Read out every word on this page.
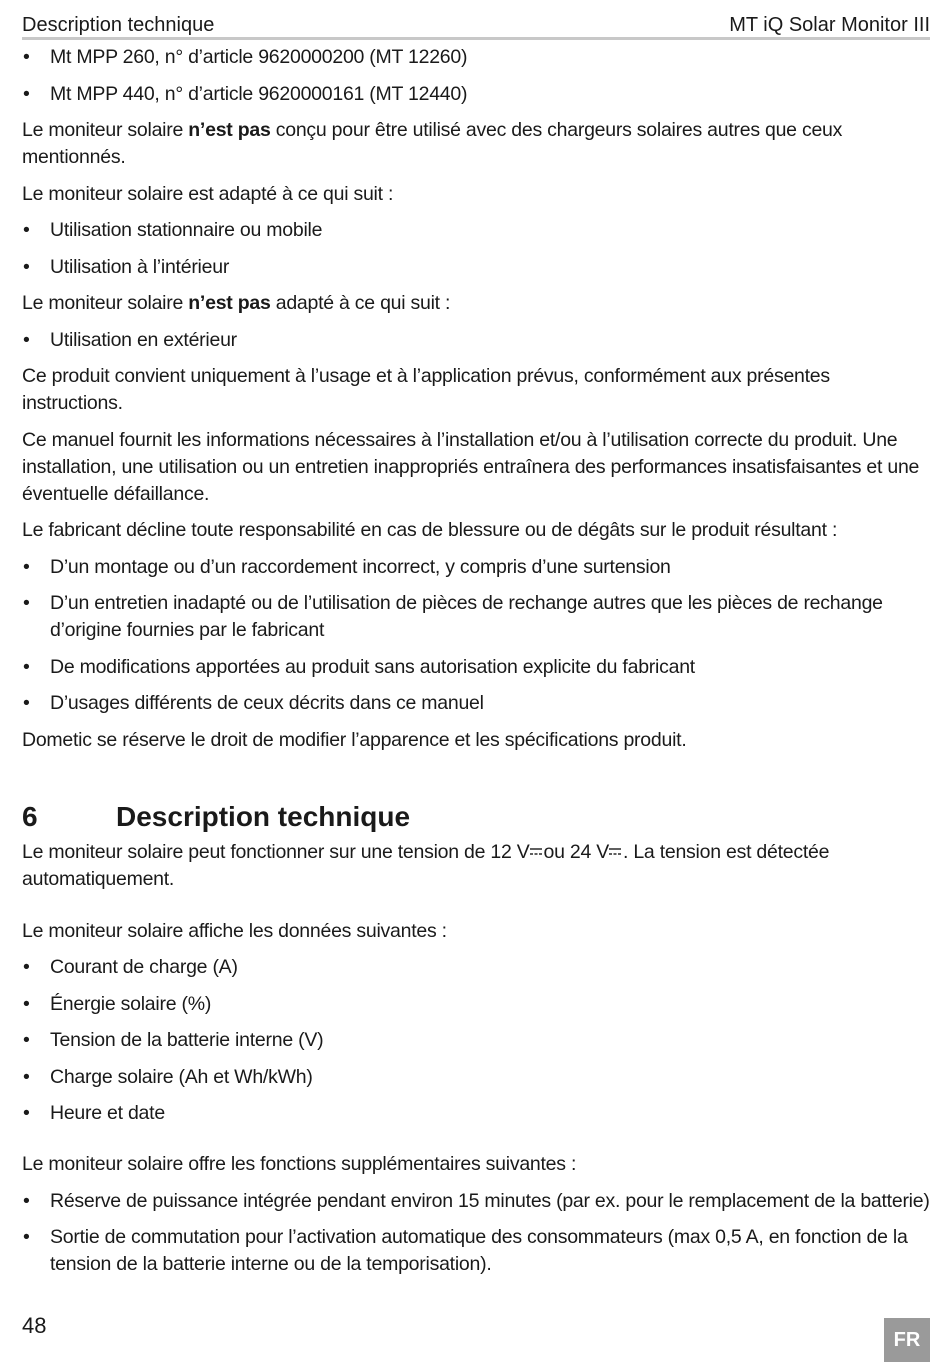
Description technique	MT iQ Solar Monitor III
• Mt MPP 260, n° d’article 9620000200 (MT 12260)
• Mt MPP 440, n° d’article 9620000161 (MT 12440)

Le moniteur solaire n’est pas conçu pour être utilisé avec des chargeurs solaires autres que ceux mentionnés.

Le moniteur solaire est adapté à ce qui suit :

• Utilisation stationnaire ou mobile
• Utilisation à l’intérieur

Le moniteur solaire n’est pas adapté à ce qui suit :

• Utilisation en extérieur

Ce produit convient uniquement à l’usage et à l’application prévus, conformément aux présentes instructions.

Ce manuel fournit les informations nécessaires à l’installation et/ou à l’utilisation correcte du produit. Une installation, une utilisation ou un entretien inappropriés entraînera des performances insatisfaisantes et une éventuelle défaillance.

Le fabricant décline toute responsabilité en cas de blessure ou de dégâts sur le produit résultant :

• D’un montage ou d’un raccordement incorrect, y compris d’une surtension
• D’un entretien inadapté ou de l’utilisation de pièces de rechange autres que les pièces de rechange d’origine fournies par le fabricant
• De modifications apportées au produit sans autorisation explicite du fabricant
• D’usages différents de ceux décrits dans ce manuel

Dometic se réserve le droit de modifier l’apparence et les spécifications produit.

6	Description technique

Le moniteur solaire peut fonctionner sur une tension de 12 V ou 24 V . La tension est détectée automatiquement.

Le moniteur solaire affiche les données suivantes :

• Courant de charge (A)
• Énergie solaire (%)
• Tension de la batterie interne (V)
• Charge solaire (Ah et Wh/kWh)
• Heure et date

Le moniteur solaire offre les fonctions supplémentaires suivantes :

• Réserve de puissance intégrée pendant environ 15 minutes (par ex. pour le remplacement de la batterie)
• Sortie de commutation pour l’activation automatique des consommateurs (max 0,5 A, en fonction de la tension de la batterie interne ou de la temporisation).
48
FR
